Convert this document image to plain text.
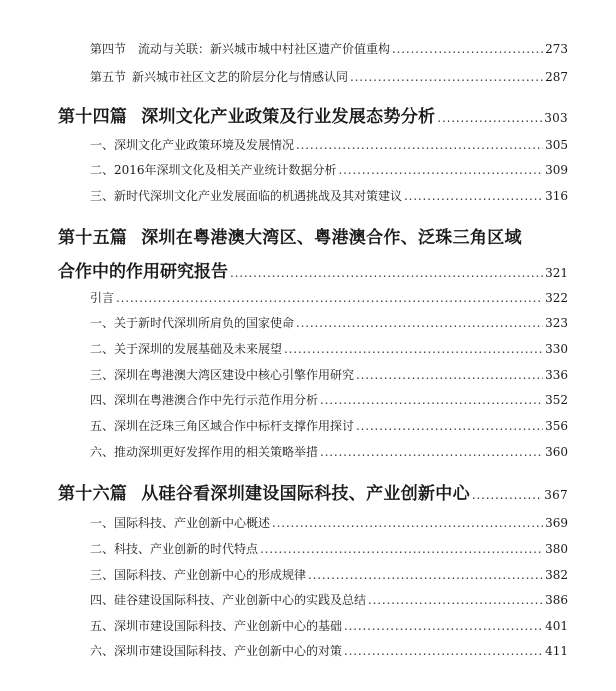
第四节 流动与关联：新兴城市城中村社区遗产价值重构 . . .	273
第五节 新兴城市社区文艺的阶层分化与情感认同 . . .	287
第十四篇 深圳文化产业政策及行业发展态势分析 . . .	303
一、深圳文化产业政策环境及发展情况 . . .	305
二、2016年深圳文化及相关产业统计数据分析 . . .	309
三、新时代深圳文化产业发展面临的机遇挑战及其对策建议 . . .	316
第十五篇 深圳在粤港澳大湾区、粤港澳合作、泛珠三角区域
合作中的作用研究报告 . . .	321
引言 . . .	322
一、关于新时代深圳所肩负的国家使命 . . .	323
二、关于深圳的发展基础及未来展望 . . .	330
三、深圳在粤港澳大湾区建设中核心引擎作用研究 . . .	336
四、深圳在粤港澳合作中先行示范作用分析 . . .	352
五、深圳在泛珠三角区域合作中标杆支撑作用探讨 . . .	356
六、推动深圳更好发挥作用的相关策略举措 . . .	360
第十六篇 从硅谷看深圳建设国际科技、产业创新中心 . . .	367
一、国际科技、产业创新中心概述 . . .	369
二、科技、产业创新的时代特点 . . .	380
三、国际科技、产业创新中心的形成规律 . . .	382
四、硅谷建设国际科技、产业创新中心的实践及总结 . . .	386
五、深圳市建设国际科技、产业创新中心的基础 . . .	401
六、深圳市建设国际科技、产业创新中心的对策 . . .	411
